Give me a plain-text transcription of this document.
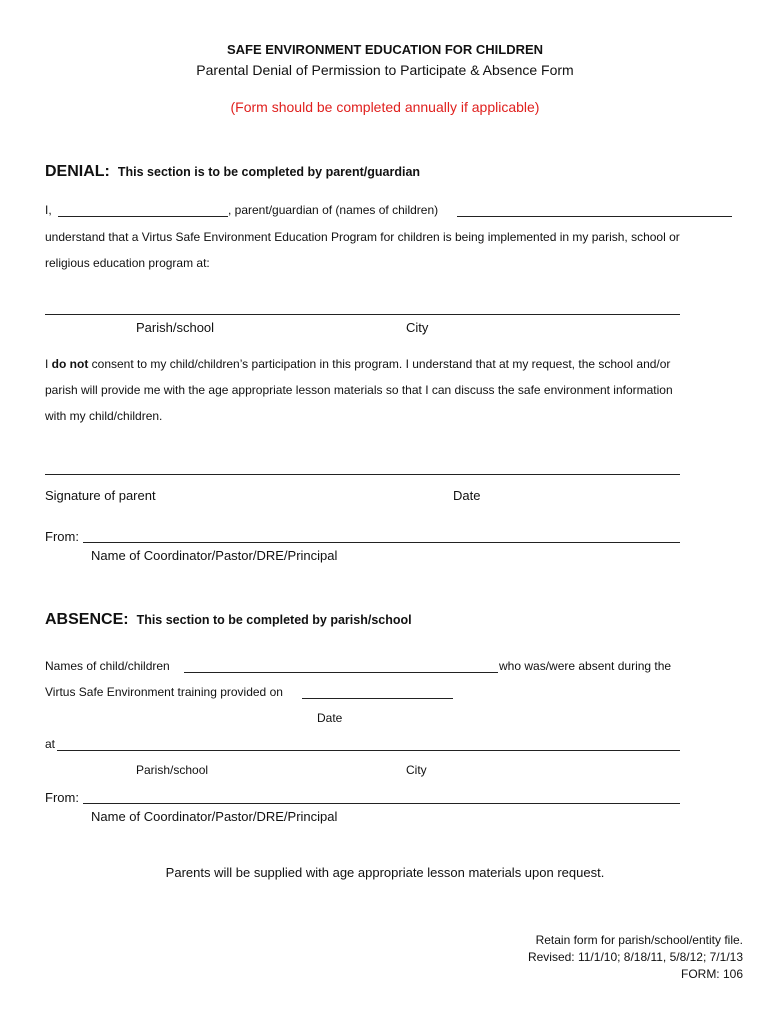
SAFE ENVIRONMENT EDUCATION FOR CHILDREN
Parental Denial of Permission to Participate & Absence Form
(Form should be completed annually if applicable)
DENIAL: This section is to be completed by parent/guardian
I,	, parent/guardian of (names of children)
understand that a Virtus Safe Environment Education Program for children is being implemented in my parish, school or
religious education program at:
Parish/school	City
I do not consent to my child/children’s participation in this program. I understand that at my request, the school and/or
parish will provide me with the age appropriate lesson materials so that I can discuss the safe environment information
with my child/children.
Signature of parent	Date
From:
Name of Coordinator/Pastor/DRE/Principal
ABSENCE: This section to be completed by parish/school
Names of child/children	who was/were absent during the
Virtus Safe Environment training provided on
Date
at
Parish/school	City
From:
Name of Coordinator/Pastor/DRE/Principal
Parents will be supplied with age appropriate lesson materials upon request.
Retain form for parish/school/entity file.
Revised: 11/1/10; 8/18/11, 5/8/12; 7/1/13
FORM: 106
